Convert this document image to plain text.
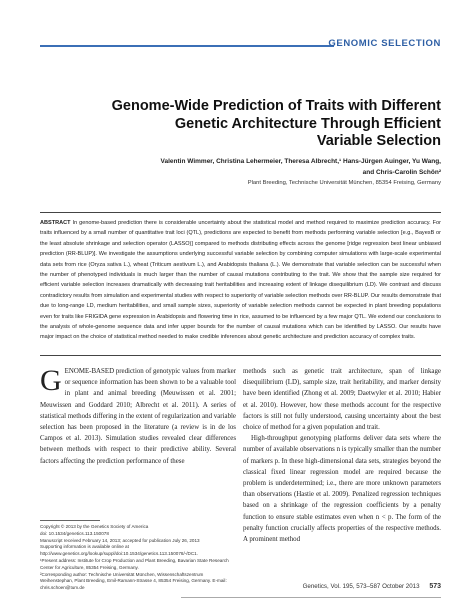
GENOMIC SELECTION
Genome-Wide Prediction of Traits with Different
Genetic Architecture Through Efficient
Variable Selection
Valentin Wimmer, Christina Lehermeier, Theresa Albrecht,¹ Hans-Jürgen Auinger, Yu Wang,
and Chris-Carolin Schön²
Plant Breeding, Technische Universität München, 85354 Freising, Germany
ABSTRACT In genome-based prediction there is considerable uncertainty about the statistical model and method required to maximize prediction accuracy. For traits influenced by a small number of quantitative trait loci (QTL), predictions are expected to benefit from methods performing variable selection [e.g., BayesB or the least absolute shrinkage and selection operator (LASSO)] compared to methods distributing effects across the genome [ridge regression best linear unbiased prediction (RR-BLUP)]. We investigate the assumptions underlying successful variable selection by combining computer simulations with large-scale experimental data sets from rice (Oryza sativa L.), wheat (Triticum aestivum L.), and Arabidopsis thaliana (L.). We demonstrate that variable selection can be successful when the number of phenotyped individuals is much larger than the number of causal mutations contributing to the trait. We show that the sample size required for efficient variable selection increases dramatically with decreasing trait heritabilities and increasing extent of linkage disequilibrium (LD). We contrast and discuss contradictory results from simulation and experimental studies with respect to superiority of variable selection methods over RR-BLUP. Our results demonstrate that due to long-range LD, medium heritabilities, and small sample sizes, superiority of variable selection methods cannot be expected in plant breeding populations even for traits like FRIGIDA gene expression in Arabidopsis and flowering time in rice, assumed to be influenced by a few major QTL. We extend our conclusions to the analysis of whole-genome sequence data and infer upper bounds for the number of causal mutations which can be identified by LASSO. Our results have major impact on the choice of statistical method needed to make credible inferences about genetic architecture and prediction accuracy of complex traits.
G ENOME-BASED prediction of genotypic values from marker or sequence information has been shown to be a valuable tool in plant and animal breeding (Meuwissen et al. 2001; Meuwissen and Goddard 2010; Albrecht et al. 2011). A series of statistical methods differing in the extent of regularization and variable selection has been proposed in the literature (a review is in de los Campos et al. 2013). Simulation studies revealed clear differences between methods with respect to their predictive ability. Several factors affecting the prediction performance of these
methods such as genetic trait architecture, span of linkage disequilibrium (LD), sample size, trait heritability, and marker density have been identified (Zhong et al. 2009; Daetwyler et al. 2010; Habier et al. 2010). However, how these methods account for the respective factors is still not fully understood, causing uncertainty about the best choice of method for a given population and trait.
High-throughput genotyping platforms deliver data sets where the number of available observations n is typically smaller than the number of markers p. In these high-dimensional data sets, strategies beyond the classical fixed linear regression model are required because the problem is underdetermined; i.e., there are more unknown parameters than observations (Hastie et al. 2009). Penalized regression techniques based on a shrinkage of the regression coefficients by a penalty function to ensure stable estimates even when n < p. The form of the penalty function crucially affects properties of the respective methods. A prominent method
Copyright © 2013 by the Genetics Society of America
doi: 10.1534/genetics.113.150078
Manuscript received February 14, 2013; accepted for publication July 26, 2013
Supporting information is available online at http://www.genetics.org/lookup/suppl/doi:10.1534/genetics.113.150078/-/DC1.
¹Present address: Institute for Crop Production and Plant Breeding, Bavarian State Research Center for Agriculture, 85354 Freising, Germany.
²Corresponding author: Technische Universität München, Wissenschaftszentrum Weihenstephan, Plant Breeding, Emil-Ramann-Strasse 4, 85354 Freising, Germany. E-mail: chris.schoen@tum.de	Genetics, Vol. 195, 573–587 October 2013 573
